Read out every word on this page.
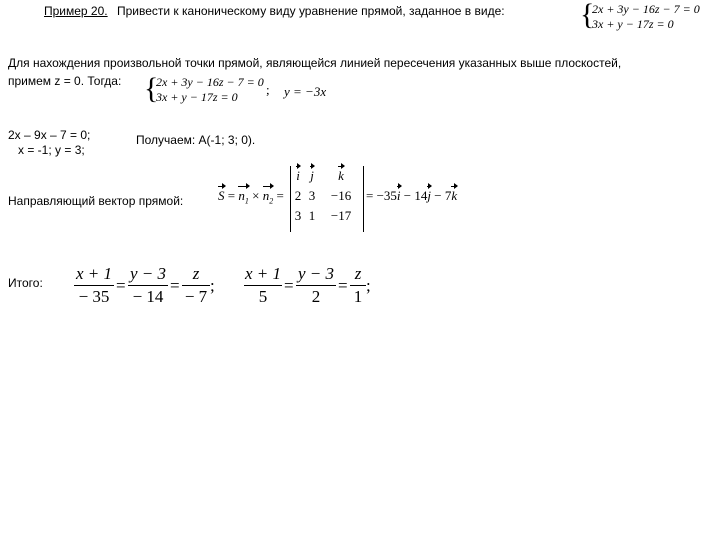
Пример 20. Привести к каноническому виду уравнение прямой, заданное в виде:	{
2x + 3y − 16z − 7 = 0
3x + y − 17z = 0
Для нахождения произвольной точки прямой, являющейся линией пересечения указанных выше плоскостей,
примем z = 0. Тогда: {
2x + 3y − 16z − 7 = 0
3x + y − 17z = 0	; y = −3x
2x – 9x – 7 = 0;
x = -1; y = 3;
Получаем: A(-1; 3; 0).
Направляющий вектор прямой:	$S = n_1 \times n_2$ =
i	j	k
2	3	−16
3	1	−17
= −35i − 14j − 7k
Итого: x + 1
− 35
=
y − 3
− 14
=
z
− 7
;
x + 1
5
=
y − 3
2
=
z
1
;
